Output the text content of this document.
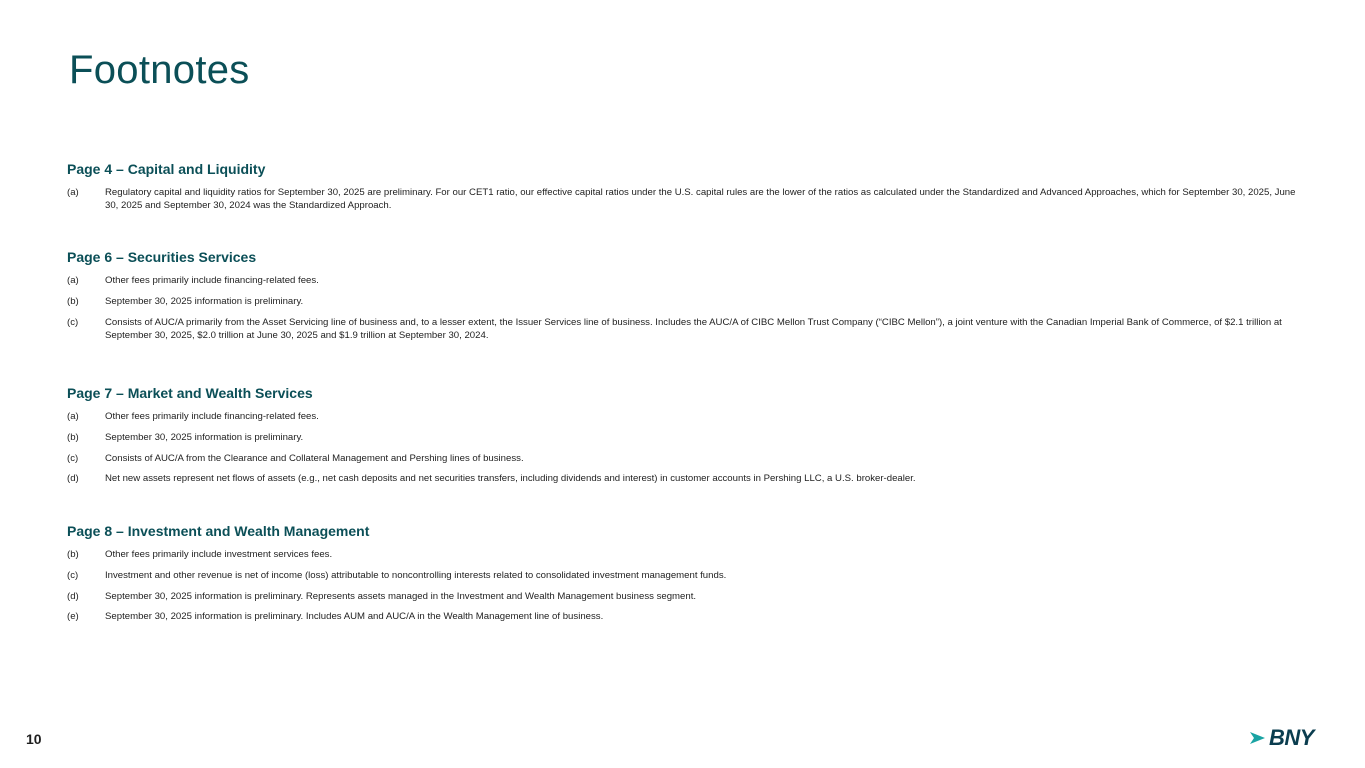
Footnotes
Page 4 – Capital and Liquidity
(a)	Regulatory capital and liquidity ratios for September 30, 2025 are preliminary. For our CET1 ratio, our effective capital ratios under the U.S. capital rules are the lower of the ratios as calculated under the Standardized and Advanced Approaches, which for September 30, 2025, June 30, 2025 and September 30, 2024 was the Standardized Approach.
Page 6 – Securities Services
(a)	Other fees primarily include financing-related fees.
(b)	September 30, 2025 information is preliminary.
(c)	Consists of AUC/A primarily from the Asset Servicing line of business and, to a lesser extent, the Issuer Services line of business. Includes the AUC/A of CIBC Mellon Trust Company (“CIBC Mellon”), a joint venture with the Canadian Imperial Bank of Commerce, of $2.1 trillion at September 30, 2025, $2.0 trillion at June 30, 2025 and $1.9 trillion at September 30, 2024.
Page 7 – Market and Wealth Services
(a)	Other fees primarily include financing-related fees.
(b)	September 30, 2025 information is preliminary.
(c)	Consists of AUC/A from the Clearance and Collateral Management and Pershing lines of business.
(d)	Net new assets represent net flows of assets (e.g., net cash deposits and net securities transfers, including dividends and interest) in customer accounts in Pershing LLC, a U.S. broker-dealer.
Page 8 – Investment and Wealth Management
(b)	Other fees primarily include investment services fees.
(c)	Investment and other revenue is net of income (loss) attributable to noncontrolling interests related to consolidated investment management funds.
(d)	September 30, 2025 information is preliminary. Represents assets managed in the Investment and Wealth Management business segment.
(e)	September 30, 2025 information is preliminary. Includes AUM and AUC/A in the Wealth Management line of business.
10	BNY
